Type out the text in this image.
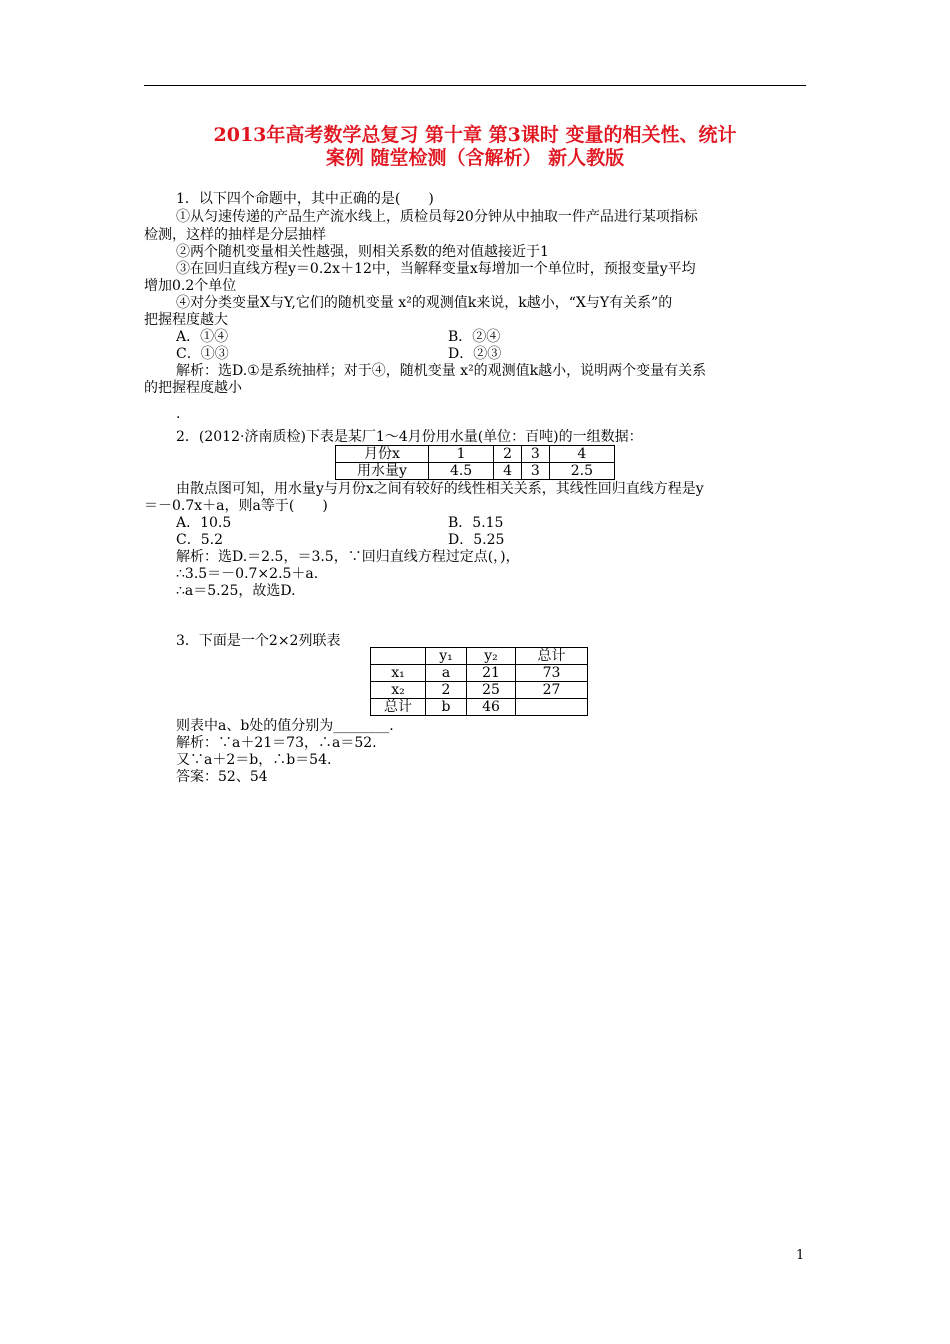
2013年高考数学总复习 第十章 第3课时 变量的相关性、统计
案例 随堂检测（含解析） 新人教版
1．以下四个命题中，其中正确的是(　　)
①从匀速传递的产品生产流水线上，质检员每20分钟从中抽取一件产品进行某项指标
检测，这样的抽样是分层抽样
②两个随机变量相关性越强，则相关系数的绝对值越接近于1
③在回归直线方程y＝0.2x＋12中，当解释变量x每增加一个单位时，预报变量y平均
增加0.2个单位
④对分类变量X与Y,它们的随机变量 x²的观测值k来说，k越小，“X与Y有关系”的
把握程度越大
A．①④	B．②④
C．①③	D．②③
解析：选D.①是系统抽样；对于④，随机变量 x²的观测值k越小，说明两个变量有关系
的把握程度越小
.
2．(2012·济南质检)下表是某厂1～4月份用水量(单位：百吨)的一组数据：
月份x	1	2	3	4
用水量y	4.5	4	3	2.5
由散点图可知，用水量y与月份x之间有较好的线性相关关系，其线性回归直线方程是y
＝－0.7x＋a，则a等于(　　)
A．10.5	B．5.15
C．5.2	D．5.25
解析：选D.＝2.5，＝3.5，∵回归直线方程过定点(，)，
∴3.5＝－0.7×2.5＋a.
∴a＝5.25，故选D.
3．下面是一个2×2列联表
	y₁	y₂	总计
x₁	a	21	73
x₂	2	25	27
总计	b	46	
则表中a、b处的值分别为________.
解析：∵a＋21＝73，∴a＝52.
又∵a＋2＝b，∴b＝54.
答案：52、54
1
